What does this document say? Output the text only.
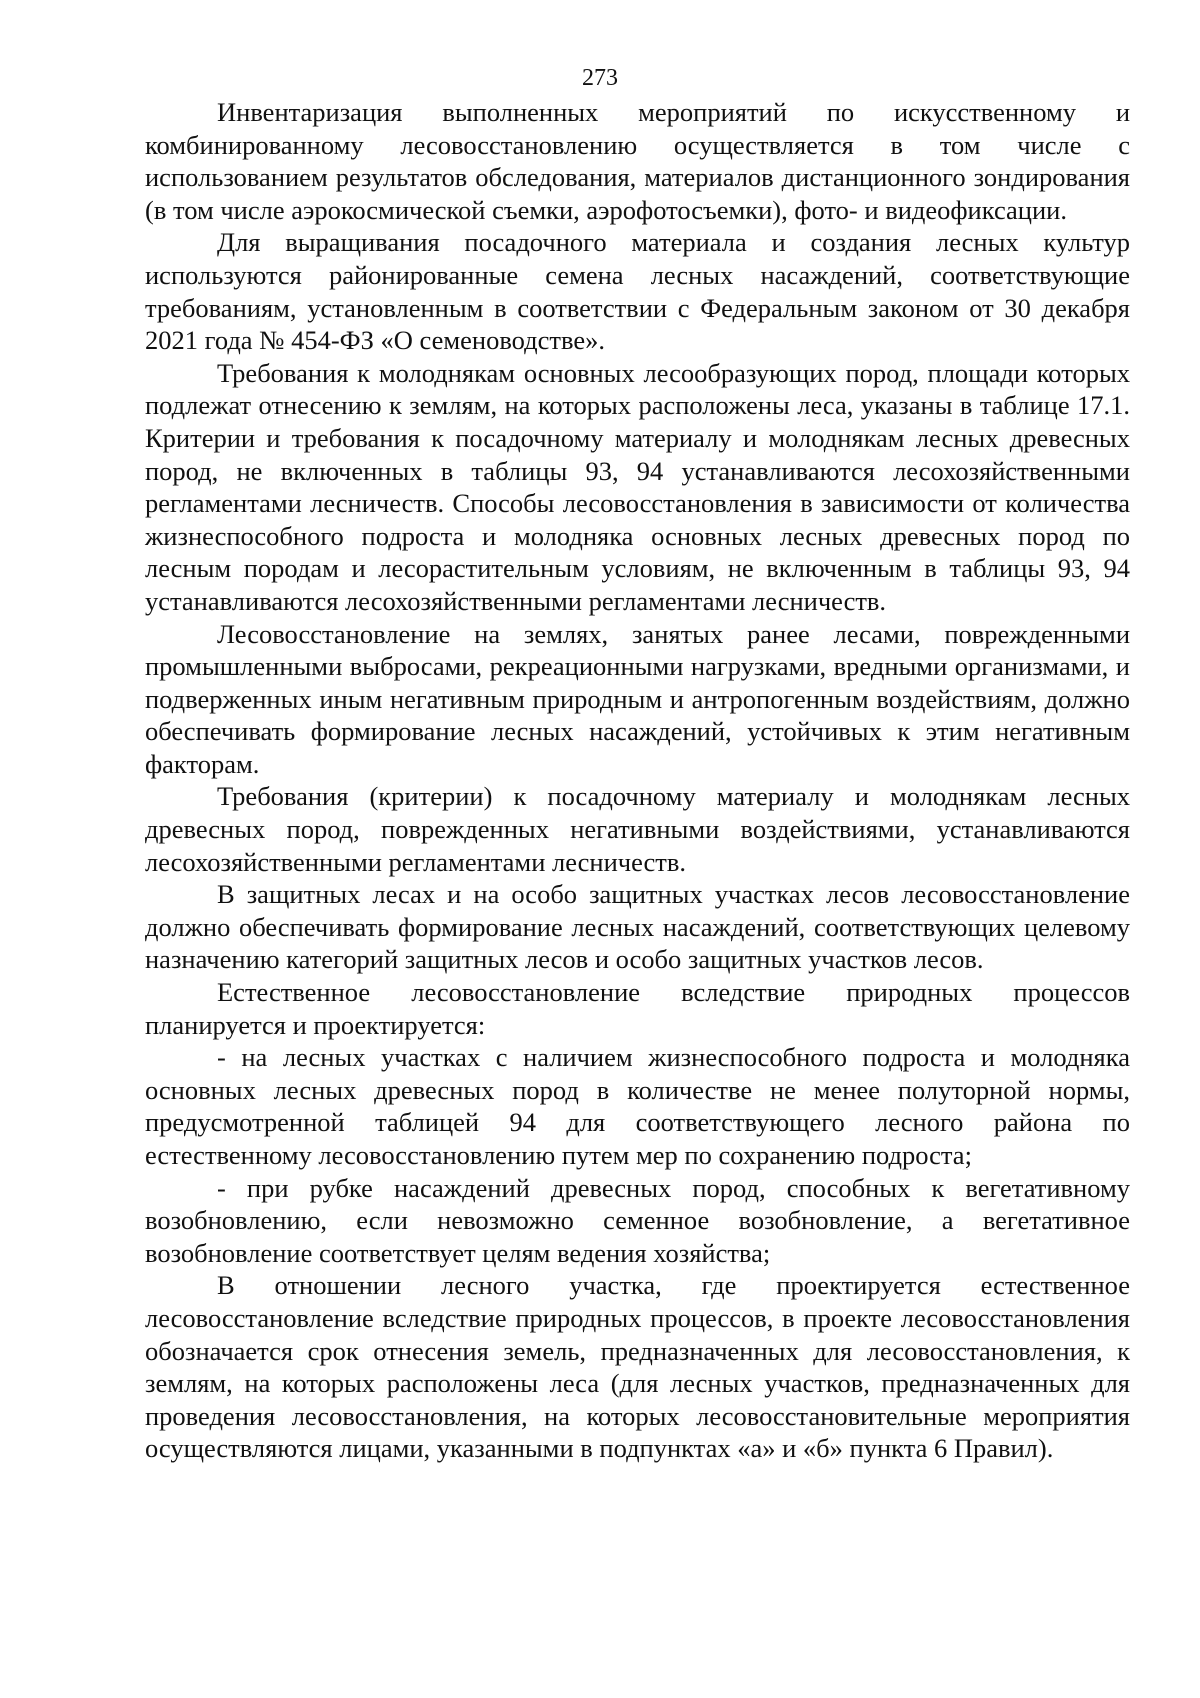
273

Инвентаризация выполненных мероприятий по искусственному и комбинированному лесовосстановлению осуществляется в том числе с использованием результатов обследования, материалов дистанционного зондирования (в том числе аэрокосмической съемки, аэрофотосъемки), фото- и видеофиксации.

Для выращивания посадочного материала и создания лесных культур используются районированные семена лесных насаждений, соответствующие требованиям, установленным в соответствии с Федеральным законом от 30 декабря 2021 года № 454-ФЗ «О семеноводстве».

Требования к молоднякам основных лесообразующих пород, площади которых подлежат отнесению к землям, на которых расположены леса, указаны в таблице 17.1. Критерии и требования к посадочному материалу и молоднякам лесных древесных пород, не включенных в таблицы 93, 94 устанавливаются лесохозяйственными регламентами лесничеств. Способы лесовосстановления в зависимости от количества жизнеспособного подроста и молодняка основных лесных древесных пород по лесным породам и лесорастительным условиям, не включенным в таблицы 93, 94 устанавливаются лесохозяйственными регламентами лесничеств.

Лесовосстановление на землях, занятых ранее лесами, поврежденными промышленными выбросами, рекреационными нагрузками, вредными организмами, и подверженных иным негативным природным и антропогенным воздействиям, должно обеспечивать формирование лесных насаждений, устойчивых к этим негативным факторам.

Требования (критерии) к посадочному материалу и молоднякам лесных древесных пород, поврежденных негативными воздействиями, устанавливаются лесохозяйственными регламентами лесничеств.

В защитных лесах и на особо защитных участках лесов лесовосстановление должно обеспечивать формирование лесных насаждений, соответствующих целевому назначению категорий защитных лесов и особо защитных участков лесов.

Естественное лесовосстановление вследствие природных процессов планируется и проектируется:

- на лесных участках с наличием жизнеспособного подроста и молодняка основных лесных древесных пород в количестве не менее полуторной нормы, предусмотренной таблицей 94 для соответствующего лесного района по естественному лесовосстановлению путем мер по сохранению подроста;

- при рубке насаждений древесных пород, способных к вегетативному возобновлению, если невозможно семенное возобновление, а вегетативное возобновление соответствует целям ведения хозяйства;

В отношении лесного участка, где проектируется естественное лесовосстановление вследствие природных процессов, в проекте лесовосстановления обозначается срок отнесения земель, предназначенных для лесовосстановления, к землям, на которых расположены леса (для лесных участков, предназначенных для проведения лесовосстановления, на которых лесовосстановительные мероприятия осуществляются лицами, указанными в подпунктах «а» и «б» пункта 6 Правил).
